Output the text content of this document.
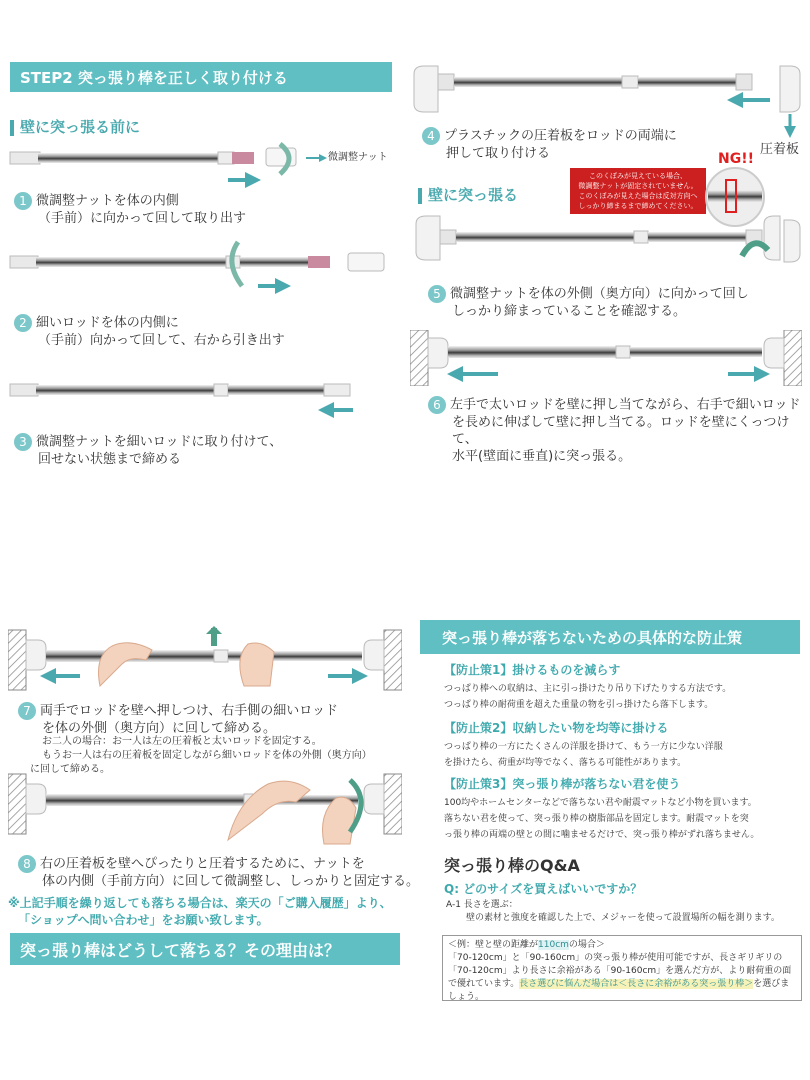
STEP2 突っ張り棒を正しく取り付ける
壁に突っ張る前に
微調整ナット
1 微調整ナットを体の内側
（手前）に向かって回して取り出す
2 細いロッドを体の内側に
（手前）向かって回して、右から引き出す
3 微調整ナットを細いロッドに取り付けて、
回せない状態まで締める
4 プラスチックの圧着板をロッドの両端に
押して取り付ける	圧着板
NG!!
このくぼみが見えている場合、
微調整ナットが固定されていません。
このくぼみが見えた場合は反対方向へ
しっかり締まるまで締めてください。
壁に突っ張る
5 微調整ナットを体の外側（奥方向）に向かって回し
しっかり締まっていることを確認する。
6 左手で太いロッドを壁に押し当てながら、右手で細いロッド
を長めに伸ばして壁に押し当てる。ロッドを壁にくっつけて、
水平(壁面に垂直)に突っ張る。
7 両手でロッドを壁へ押しつけ、右手側の細いロッド
を体の外側（奥方向）に回して締める。
お二人の場合：お一人は左の圧着板と太いロッドを固定する。
もうお一人は右の圧着板を固定しながら細いロッドを体の外側（奥方向）
に回して締める。
8 右の圧着板を壁へぴったりと圧着するために、ナットを
体の内側（手前方向）に回して微調整し、しっかりと固定する。
※上記手順を繰り返しても落ちる場合は、楽天の「ご購入履歴」より、
「ショップへ問い合わせ」をお願い致します。
突っ張り棒はどうして落ちる？その理由は？
突っ張り棒が落ちないための具体的な防止策
【防止策1】掛けるものを減らす
つっぱり棒への収納は、主に引っ掛けたり吊り下げたりする方法です。
つっぱり棒の耐荷重を超えた重量の物を引っ掛けたら落下します。
【防止策2】収納したい物を均等に掛ける
つっぱり棒の一方にたくさんの洋服を掛けて、もう一方に少ない洋服
を掛けたら、荷重が均等でなく、落ちる可能性があります。
【防止策3】突っ張り棒が落ちない君を使う
100均やホームセンターなどで落ちない君や耐震マットなど小物を買います。
落ちない君を使って、突っ張り棒の樹脂部品を固定します。耐震マットを突
っ張り棒の両端の壁との間に噛ませるだけで、突っ張り棒がずれ落ちません。
突っ張り棒のQ&A
Q: どのサイズを買えばいいですか？
A-1 長さを選ぶ：
壁の素材と強度を確認した上で、メジャーを使って設置場所の幅を測ります。
＜例：壁と壁の距離が110cmの場合＞
「70-120cm」と「90-160cm」の突っ張り棒が使用可能ですが、長さギリギリの
「70-120cm」より長さに余裕がある「90-160cm」を選んだ方が、より耐荷重の面
で優れています。長さ選びに悩んだ場合は＜長さに余裕がある突っ張り棒＞を選びま
しょう。
